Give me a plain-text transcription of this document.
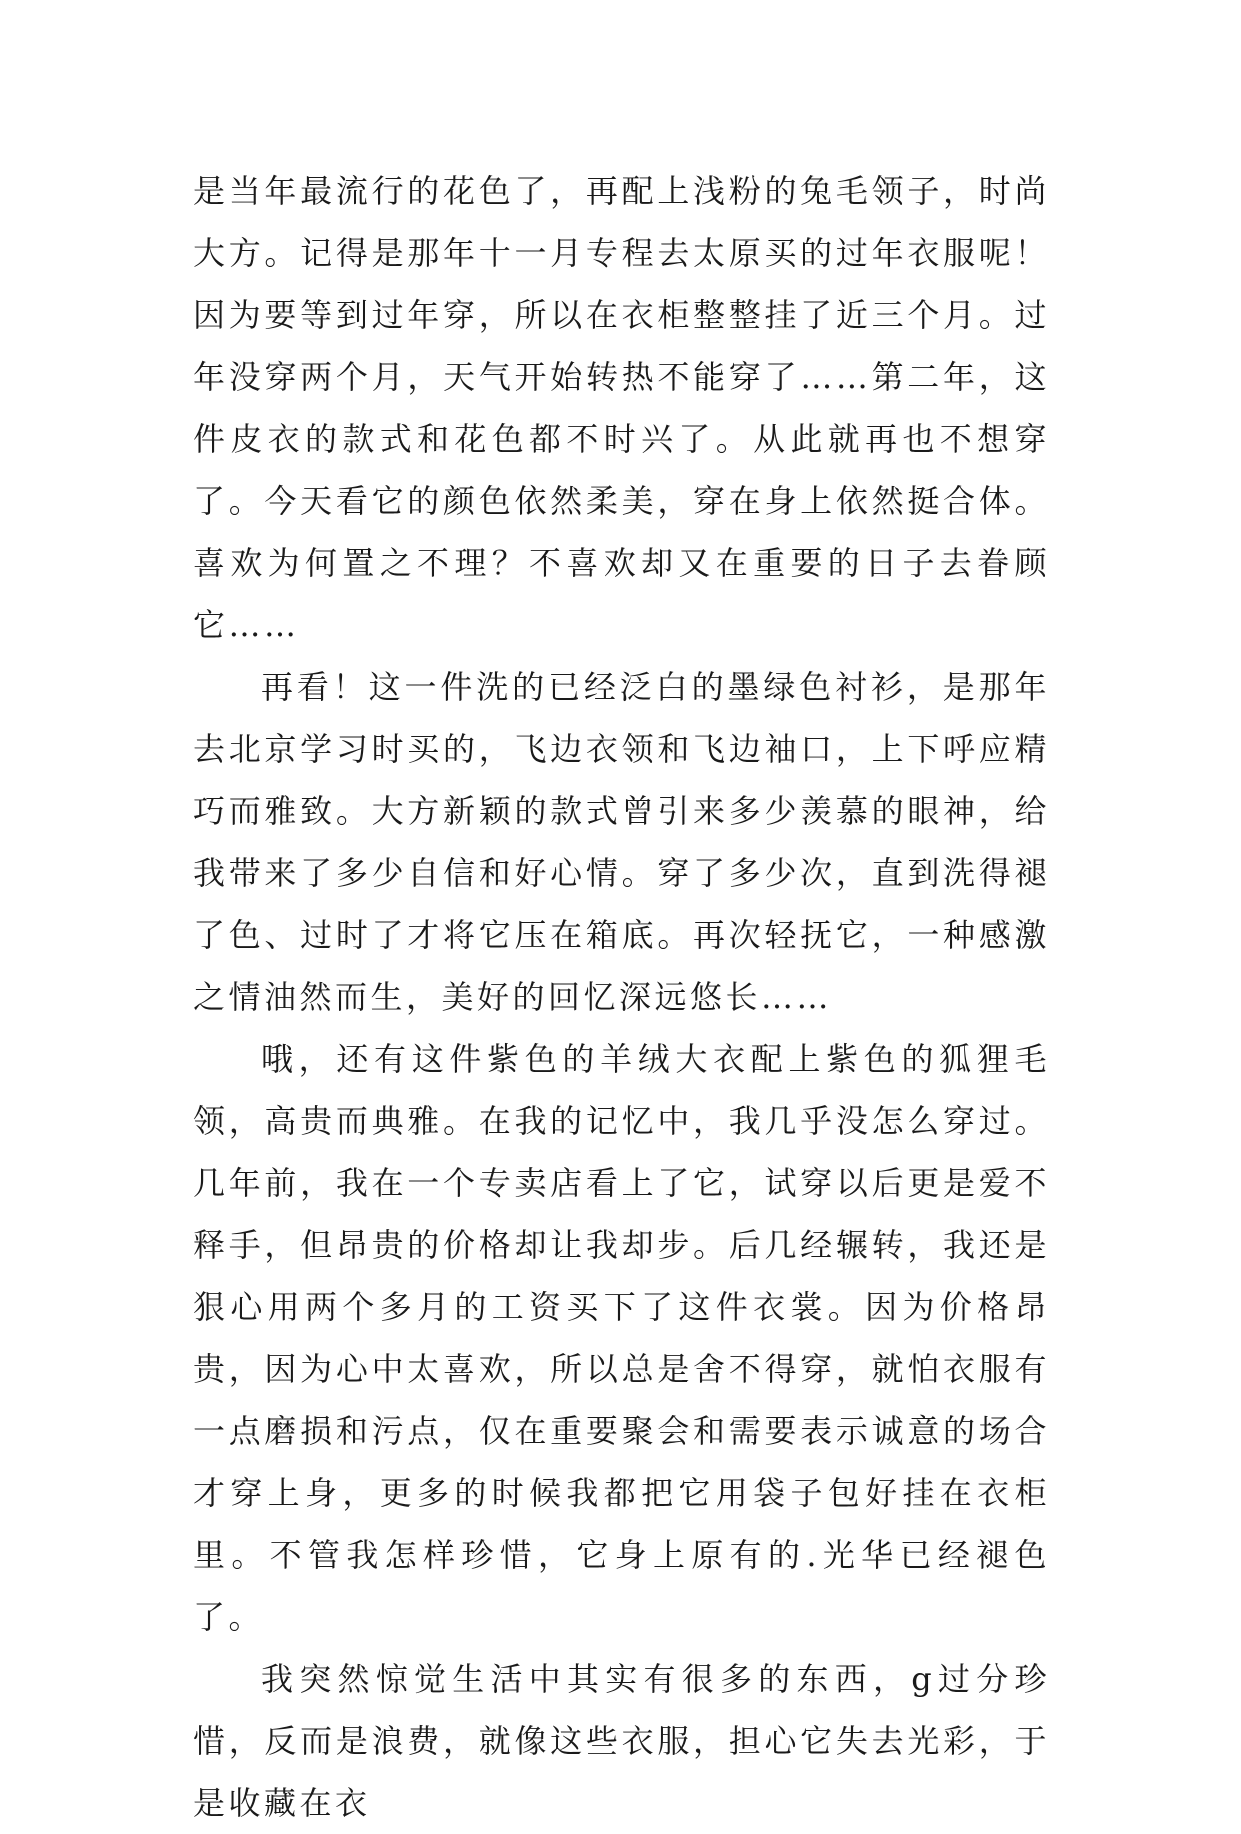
是当年最流行的花色了，再配上浅粉的兔毛领子，时尚大方。记得是那年十一月专程去太原买的过年衣服呢！因为要等到过年穿，所以在衣柜整整挂了近三个月。过年没穿两个月，天气开始转热不能穿了……第二年，这件皮衣的款式和花色都不时兴了。从此就再也不想穿了。今天看它的颜色依然柔美，穿在身上依然挺合体。喜欢为何置之不理？不喜欢却又在重要的日子去眷顾它……

再看！这一件洗的已经泛白的墨绿色衬衫，是那年去北京学习时买的，飞边衣领和飞边袖口，上下呼应精巧而雅致。大方新颖的款式曾引来多少羡慕的眼神，给我带来了多少自信和好心情。穿了多少次，直到洗得褪了色、过时了才将它压在箱底。再次轻抚它，一种感激之情油然而生，美好的回忆深远悠长……

哦，还有这件紫色的羊绒大衣配上紫色的狐狸毛领，高贵而典雅。在我的记忆中，我几乎没怎么穿过。几年前，我在一个专卖店看上了它，试穿以后更是爱不释手，但昂贵的价格却让我却步。后几经辗转，我还是狠心用两个多月的工资买下了这件衣裳。因为价格昂贵，因为心中太喜欢，所以总是舍不得穿，就怕衣服有一点磨损和污点，仅在重要聚会和需要表示诚意的场合才穿上身，更多的时候我都把它用袋子包好挂在衣柜里。不管我怎样珍惜，它身上原有的.光华已经褪色了。

我突然惊觉生活中其实有很多的东西，g过分珍惜，反而是浪费，就像这些衣服，担心它失去光彩，于是收藏在衣
